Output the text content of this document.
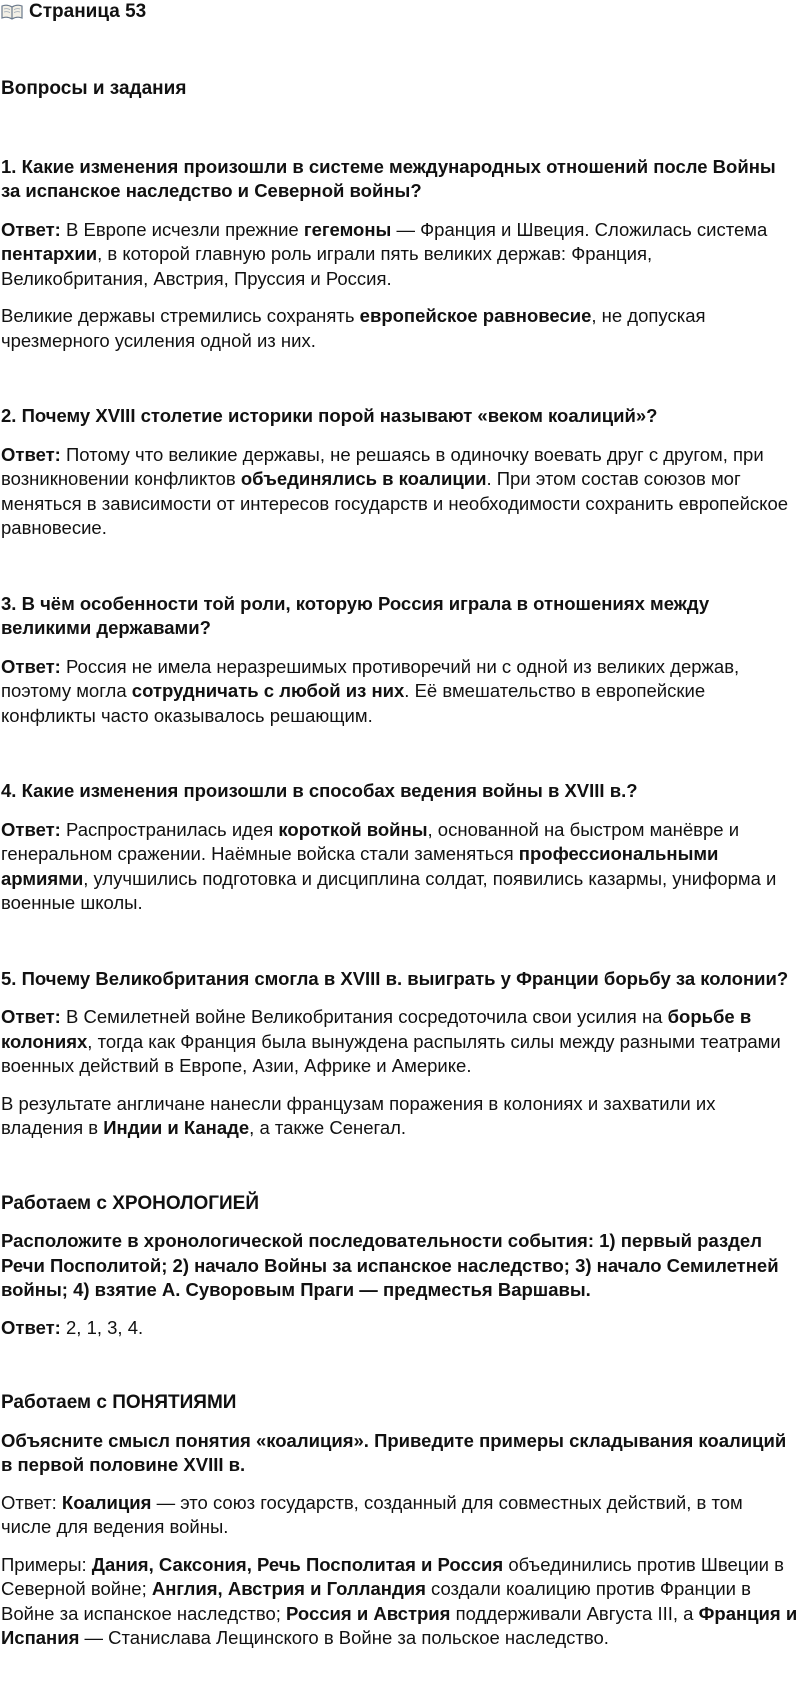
Страница 53
Вопросы и задания

1. Какие изменения произошли в системе международных отношений после Войны за испанское наследство и Северной войны?

Ответ: В Европе исчезли прежние гегемоны — Франция и Швеция. Сложилась система пентархии, в которой главную роль играли пять великих держав: Франция, Великобритания, Австрия, Пруссия и Россия.

Великие державы стремились сохранять европейское равновесие, не допуская чрезмерного усиления одной из них.

2. Почему XVIII столетие историки порой называют «веком коалиций»?

Ответ: Потому что великие державы, не решаясь в одиночку воевать друг с другом, при возникновении конфликтов объединялись в коалиции. При этом состав союзов мог меняться в зависимости от интересов государств и необходимости сохранить европейское равновесие.

3. В чём особенности той роли, которую Россия играла в отношениях между великими державами?

Ответ: Россия не имела неразрешимых противоречий ни с одной из великих держав, поэтому могла сотрудничать с любой из них. Её вмешательство в европейские конфликты часто оказывалось решающим.

4. Какие изменения произошли в способах ведения войны в XVIII в.?

Ответ: Распространилась идея короткой войны, основанной на быстром манёвре и генеральном сражении. Наёмные войска стали заменяться профессиональными армиями, улучшились подготовка и дисциплина солдат, появились казармы, униформа и военные школы.

5. Почему Великобритания смогла в XVIII в. выиграть у Франции борьбу за колонии?

Ответ: В Семилетней войне Великобритания сосредоточила свои усилия на борьбе в колониях, тогда как Франция была вынуждена распылять силы между разными театрами военных действий в Европе, Азии, Африке и Америке.

В результате англичане нанесли французам поражения в колониях и захватили их владения в Индии и Канаде, а также Сенегал.

Работаем с ХРОНОЛОГИЕЙ

Расположите в хронологической последовательности события: 1) первый раздел Речи Посполитой; 2) начало Войны за испанское наследство; 3) начало Семилетней войны; 4) взятие А. Суворовым Праги — предместья Варшавы.

Ответ: 2, 1, 3, 4.

Работаем с ПОНЯТИЯМИ

Объясните смысл понятия «коалиция». Приведите примеры складывания коалиций в первой половине XVIII в.

Ответ: Коалиция — это союз государств, созданный для совместных действий, в том числе для ведения войны.

Примеры: Дания, Саксония, Речь Посполитая и Россия объединились против Швеции в Северной войне; Англия, Австрия и Голландия создали коалицию против Франции в Войне за испанское наследство; Россия и Австрия поддерживали Августа III, а Франция и Испания — Станислава Лещинского в Войне за польское наследство.
